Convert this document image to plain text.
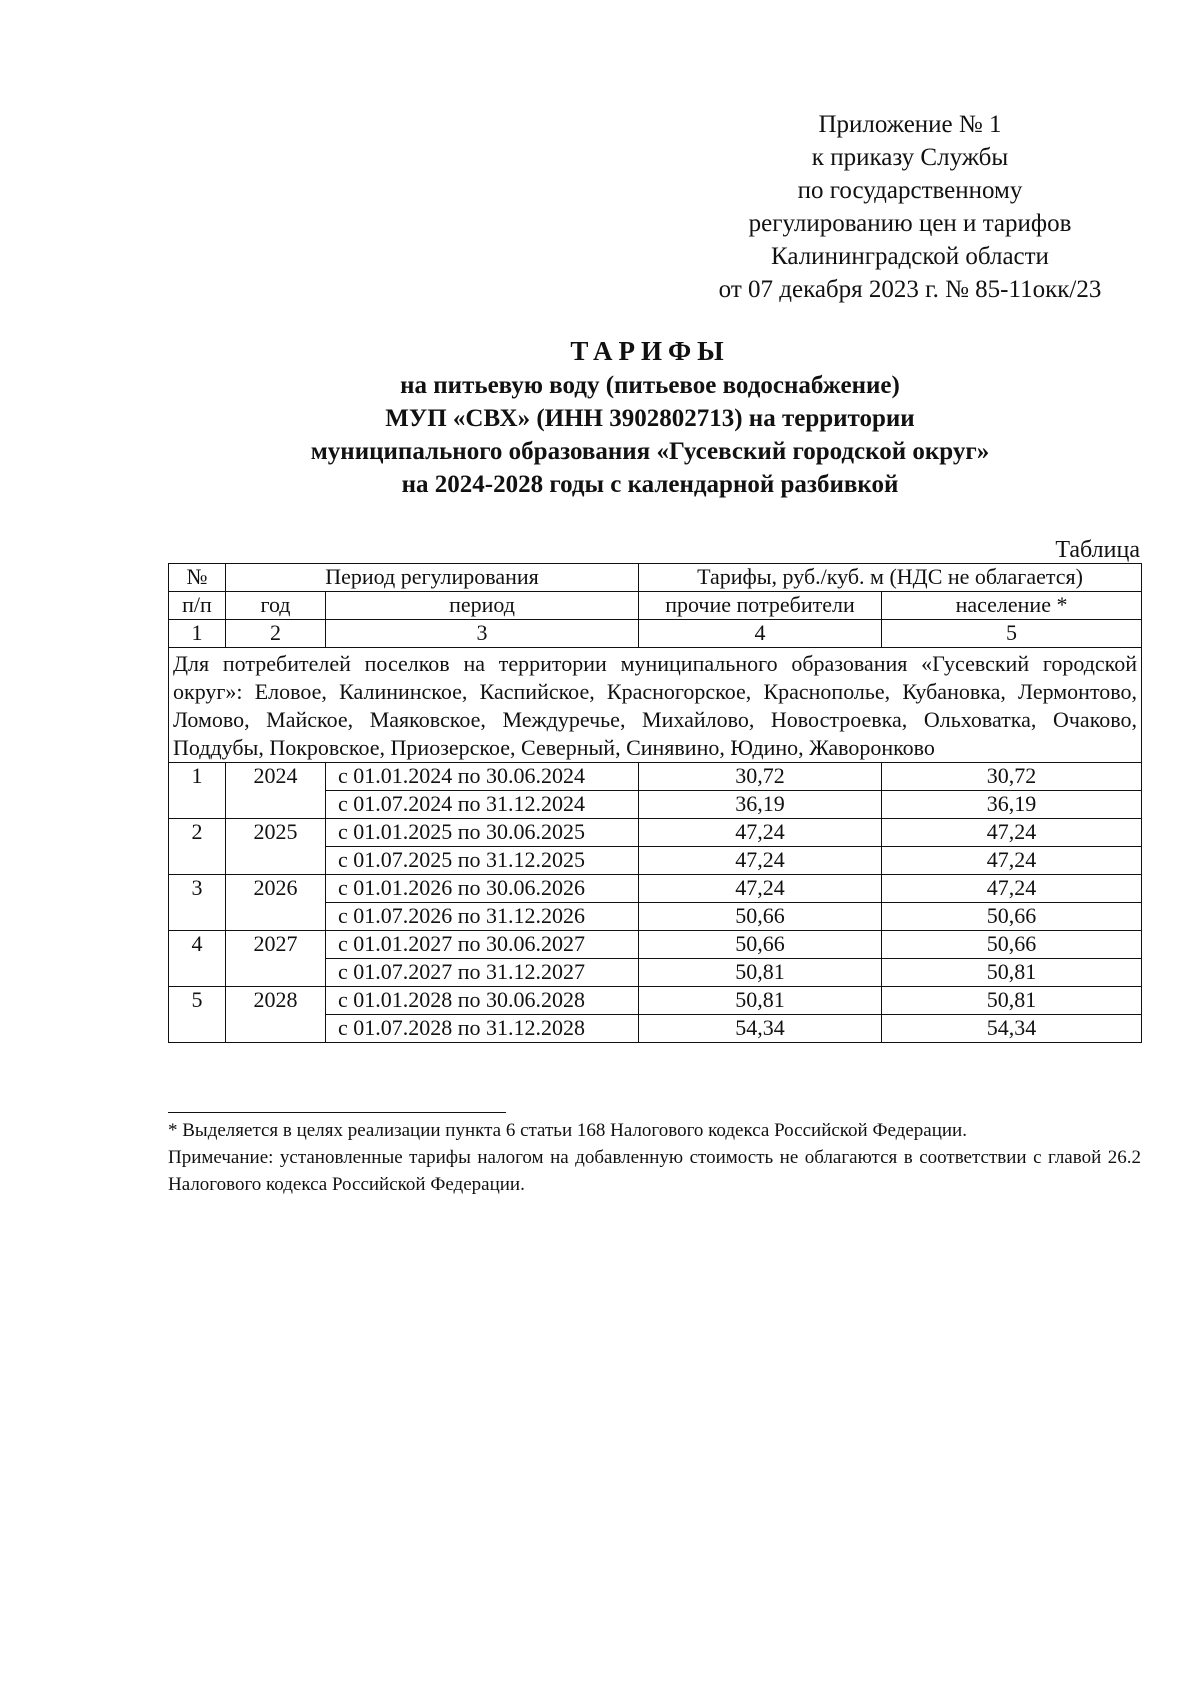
Приложение № 1
к приказу Службы
по государственному
регулированию цен и тарифов
Калининградской области
от 07 декабря 2023 г. № 85-11окк/23
ТАРИФЫ
на питьевую воду (питьевое водоснабжение)
МУП «СВХ» (ИНН 3902802713) на территории
муниципального образования «Гусевский городской округ»
на 2024-2028 годы с календарной разбивкой
Таблица
№	Период регулирования		Тарифы, руб./куб. м (НДС не облагается)	
п/п	год	период	прочие потребители	население *
1	2	3	4	5
Для потребителей поселков на территории муниципального образования «Гусевский городской округ»: Еловое, Калининское, Каспийское, Красногорское, Краснополье, Кубановка, Лермонтово, Ломово, Майское, Маяковское, Междуречье, Михайлово, Новостроевка, Ольховатка, Очаково, Поддубы, Покровское, Приозерское, Северный, Синявино, Юдино, Жаворонково				
1	2024	с 01.01.2024 по 30.06.2024	30,72	30,72
		с 01.07.2024 по 31.12.2024	36,19	36,19
2	2025	с 01.01.2025 по 30.06.2025	47,24	47,24
		с 01.07.2025 по 31.12.2025	47,24	47,24
3	2026	с 01.01.2026 по 30.06.2026	47,24	47,24
		с 01.07.2026 по 31.12.2026	50,66	50,66
4	2027	с 01.01.2027 по 30.06.2027	50,66	50,66
		с 01.07.2027 по 31.12.2027	50,81	50,81
5	2028	с 01.01.2028 по 30.06.2028	50,81	50,81
		с 01.07.2028 по 31.12.2028	54,34	54,34

* Выделяется в целях реализации пункта 6 статьи 168 Налогового кодекса Российской Федерации.

Примечание: установленные тарифы налогом на добавленную стоимость не облагаются в соответствии с главой 26.2 Налогового кодекса Российской Федерации.
